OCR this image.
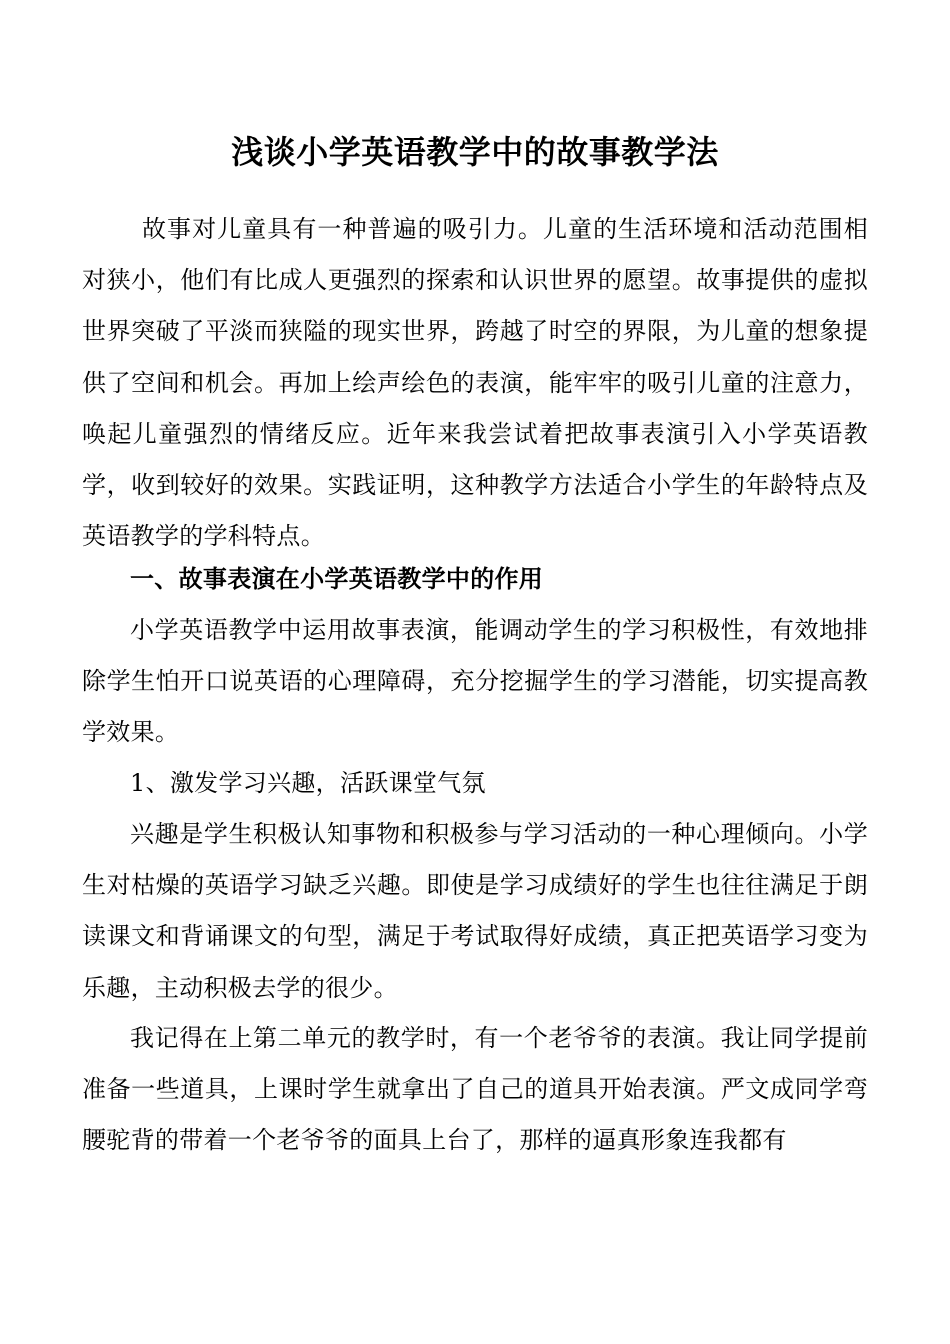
浅谈小学英语教学中的故事教学法

故事对儿童具有一种普遍的吸引力。儿童的生活环境和活动范围相对狭小，他们有比成人更强烈的探索和认识世界的愿望。故事提供的虚拟世界突破了平淡而狭隘的现实世界，跨越了时空的界限，为儿童的想象提供了空间和机会。再加上绘声绘色的表演，能牢牢的吸引儿童的注意力，唤起儿童强烈的情绪反应。近年来我尝试着把故事表演引入小学英语教学，收到较好的效果。实践证明，这种教学方法适合小学生的年龄特点及英语教学的学科特点。

一、故事表演在小学英语教学中的作用

小学英语教学中运用故事表演，能调动学生的学习积极性，有效地排除学生怕开口说英语的心理障碍，充分挖掘学生的学习潜能，切实提高教学效果。

1、激发学习兴趣，活跃课堂气氛

兴趣是学生积极认知事物和积极参与学习活动的一种心理倾向。小学生对枯燥的英语学习缺乏兴趣。即使是学习成绩好的学生也往往满足于朗读课文和背诵课文的句型，满足于考试取得好成绩，真正把英语学习变为乐趣，主动积极去学的很少。

我记得在上第二单元的教学时，有一个老爷爷的表演。我让同学提前准备一些道具，上课时学生就拿出了自己的道具开始表演。严文成同学弯腰驼背的带着一个老爷爷的面具上台了，那样的逼真形象连我都有
